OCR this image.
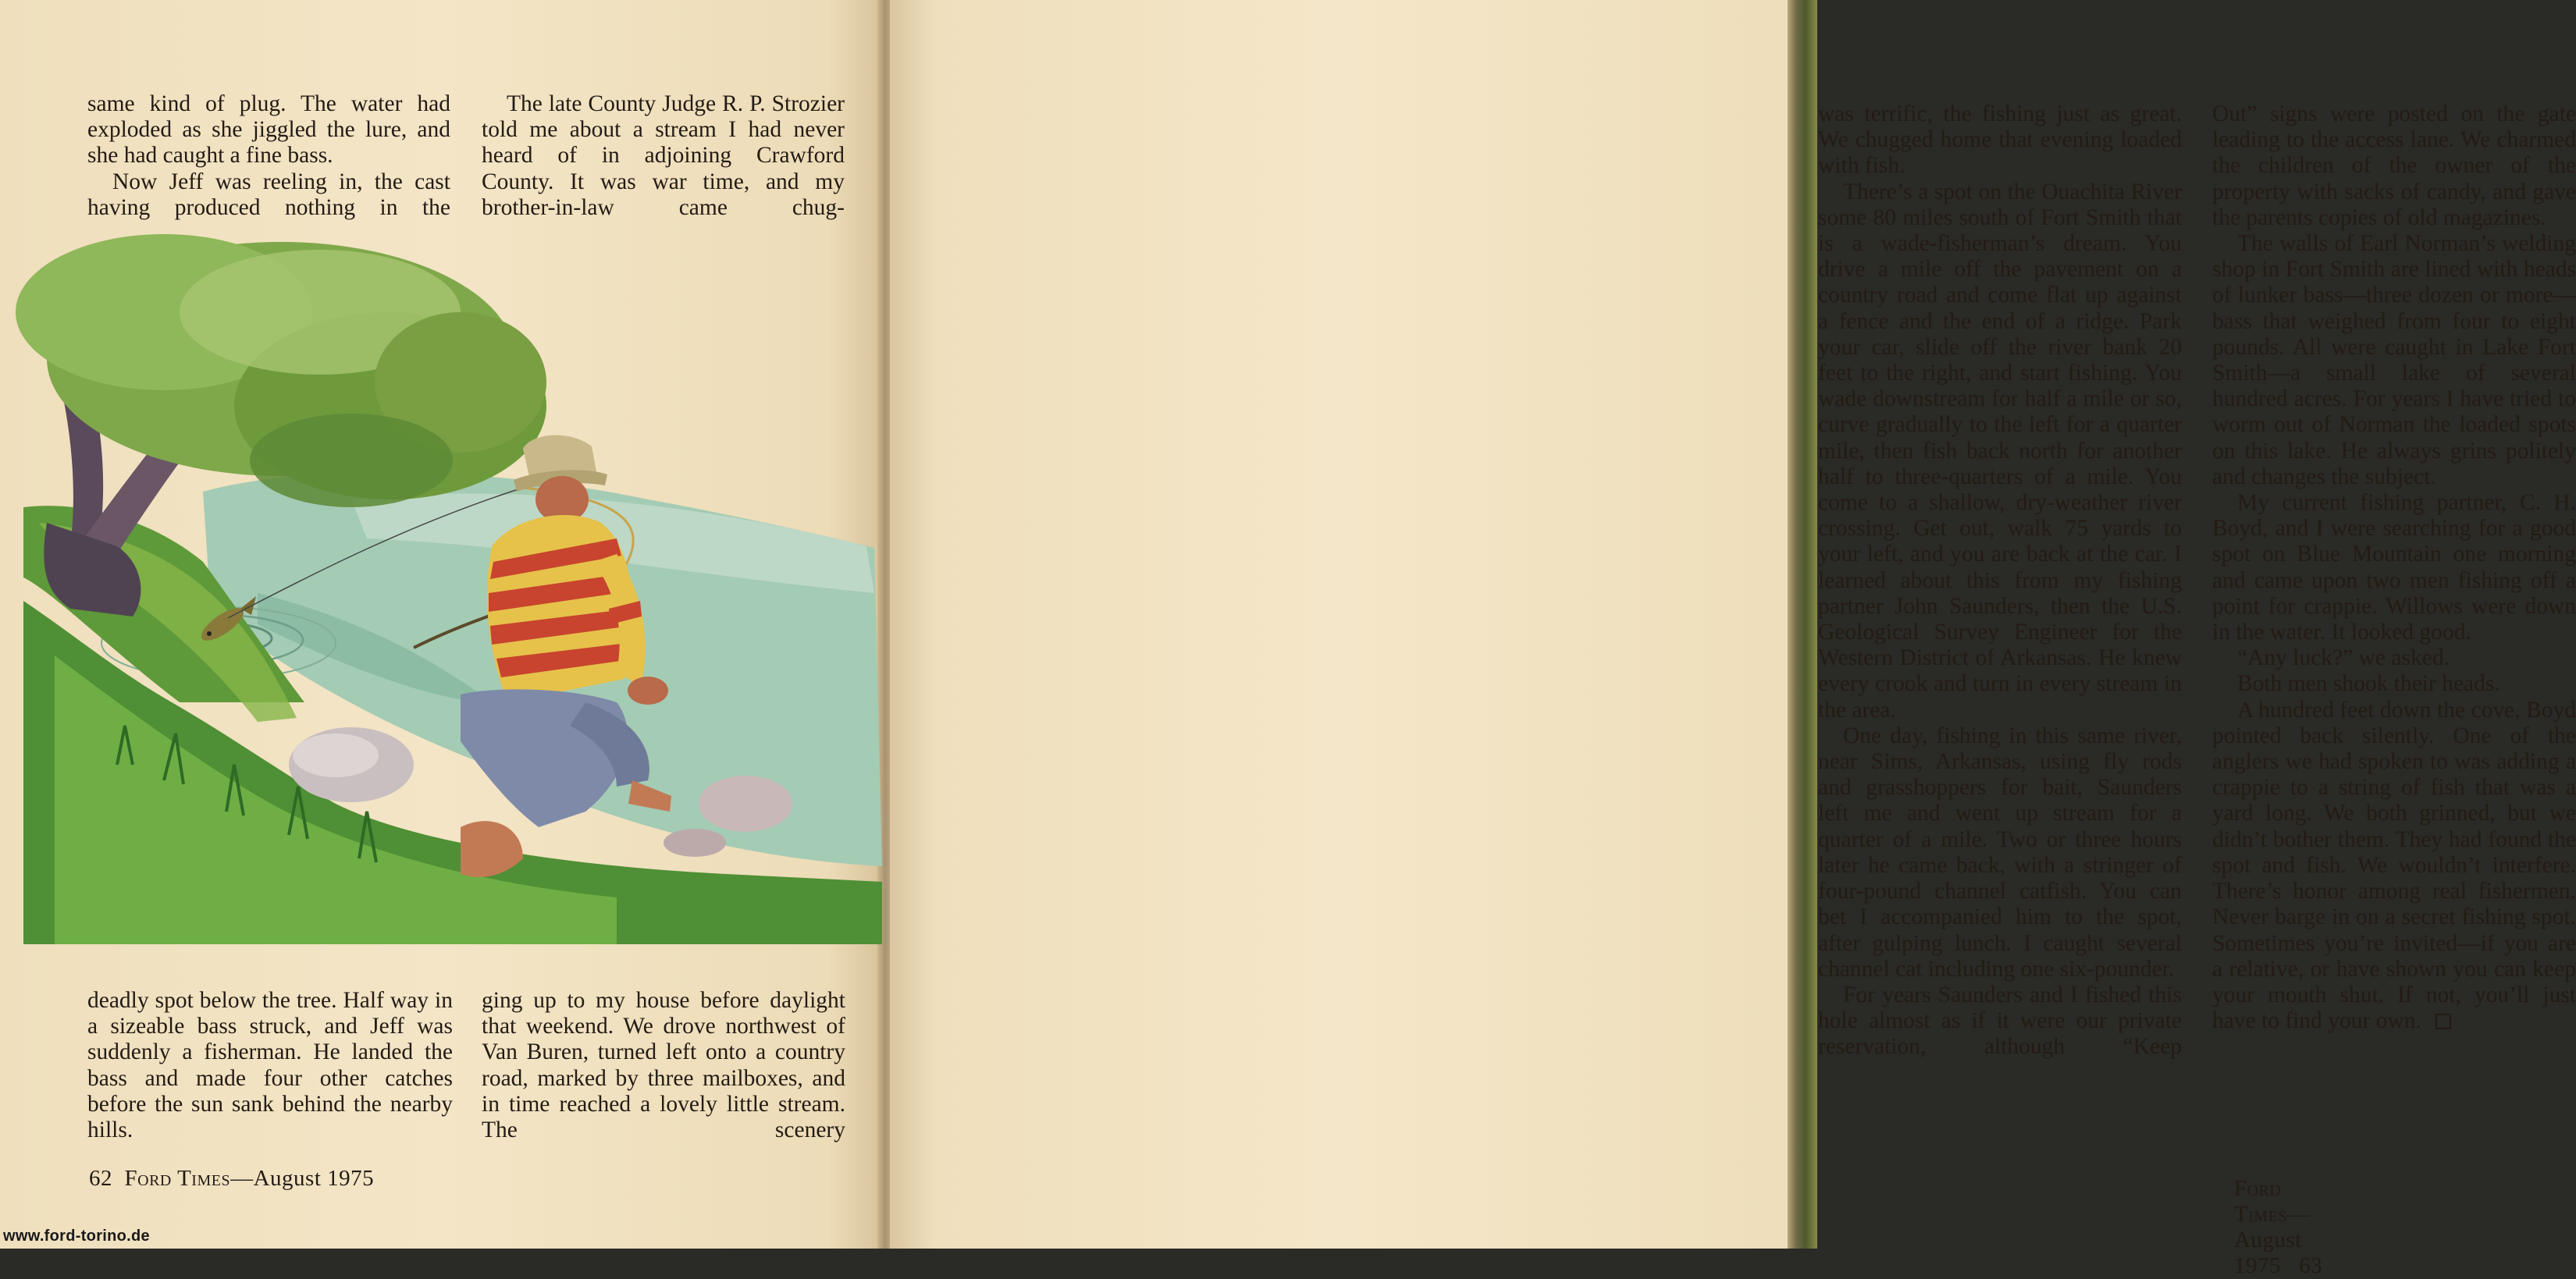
same kind of plug. The water had exploded as she jiggled the lure, and she had caught a fine bass.

Now Jeff was reeling in, the cast having produced nothing in the

The late County Judge R. P. Strozier told me about a stream I had never heard of in adjoining Crawford County. It was war time, and my brother-in-law came chug-

deadly spot below the tree. Half way in a sizeable bass struck, and Jeff was suddenly a fisherman. He landed the bass and made four other catches before the sun sank behind the nearby hills.

ging up to my house before daylight that weekend. We drove northwest of Van Buren, turned left onto a country road, marked by three mailboxes, and in time reached a lovely little stream. The scenery

62 Ford Times—August 1975

was terrific, the fishing just as great. We chugged home that evening loaded with fish.

There’s a spot on the Ouachita River some 80 miles south of Fort Smith that is a wade-fisherman’s dream. You drive a mile off the pavement on a country road and come flat up against a fence and the end of a ridge. Park your car, slide off the river bank 20 feet to the right, and start fishing. You wade downstream for half a mile or so, curve gradually to the left for a quarter mile, then fish back north for another half to three-quarters of a mile. You come to a shallow, dry-weather river crossing. Get out, walk 75 yards to your left, and you are back at the car. I learned about this from my fishing partner John Saunders, then the U.S. Geological Survey Engineer for the Western District of Arkansas. He knew every crook and turn in every stream in the area.

One day, fishing in this same river, near Sims, Arkansas, using fly rods and grasshoppers for bait, Saunders left me and went up stream for a quarter of a mile. Two or three hours later he came back, with a stringer of four-pound channel catfish. You can bet I accompanied him to the spot, after gulping lunch. I caught several channel cat including one six-pounder.

For years Saunders and I fished this hole almost as if it were our private reservation, although “Keep

Out” signs were posted on the gate leading to the access lane. We charmed the children of the owner of the property with sacks of candy, and gave the parents copies of old magazines.

The walls of Earl Norman’s welding shop in Fort Smith are lined with heads of lunker bass—three dozen or more—bass that weighed from four to eight pounds. All were caught in Lake Fort Smith—a small lake of several hundred acres. For years I have tried to worm out of Norman the loaded spots on this lake. He always grins politely and changes the subject.

My current fishing partner, C. H. Boyd, and I were searching for a good spot on Blue Mountain one morning and came upon two men fishing off a point for crappie. Willows were down in the water. It looked good.

“Any luck?” we asked.

Both men shook their heads.

A hundred feet down the cove, Boyd pointed back silently. One of the anglers we had spoken to was adding a crappie to a string of fish that was a yard long. We both grinned, but we didn’t bother them. They had found the spot and fish. We wouldn’t interfere. There’s honor among real fishermen. Never barge in on a secret fishing spot. Sometimes you’re invited—if you are a relative, or have shown you can keep your mouth shut. If not, you’ll just have to find your own.

Ford Times—August 1975 63
www.ford-torino.de
